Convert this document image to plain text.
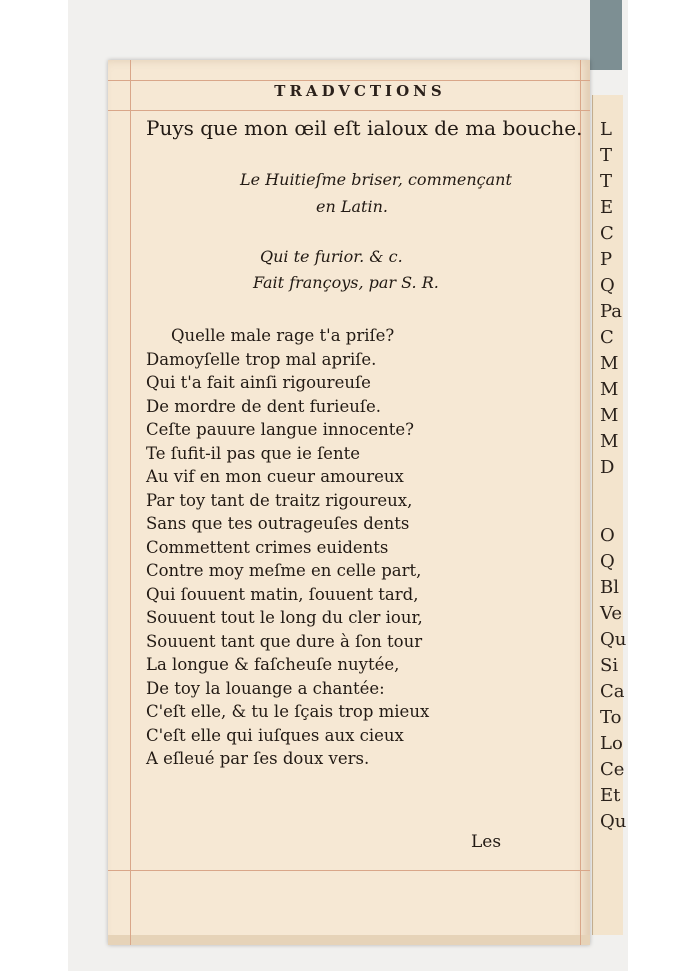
L
T
T
E
C
P
Q
Pa
C
M
M
M
M
D
O
Q
Bl
Ve
Qu
Si
Ca
To
Lo
Ce
Et
Qu
TRADVCTIONS
Puys que mon œil eſt ialoux de ma bouche.
Le Huitieſme briser, commençant
en Latin.
Qui te furior. & c.
Fait françoys, par S. R.
Quelle male rage t'a priſe?
Damoyſelle trop mal apriſe.
Qui t'a fait ainſi rigoureuſe
De mordre de dent furieuſe.
Ceſte pauure langue innocente?
Te ſufit-il pas que ie ſente
Au vif en mon cueur amoureux
Par toy tant de traitz rigoureux,
Sans que tes outrageuſes dents
Commettent crimes euidents
Contre moy meſme en celle part,
Qui ſouuent matin, ſouuent tard,
Souuent tout le long du cler iour,
Souuent tant que dure à ſon tour
La longue & faſcheuſe nuytée,
De toy la louange a chantée:
C'eſt elle, & tu le ſçais trop mieux
C'eſt elle qui iuſques aux cieux
A eſleué par ſes doux vers.
Les
